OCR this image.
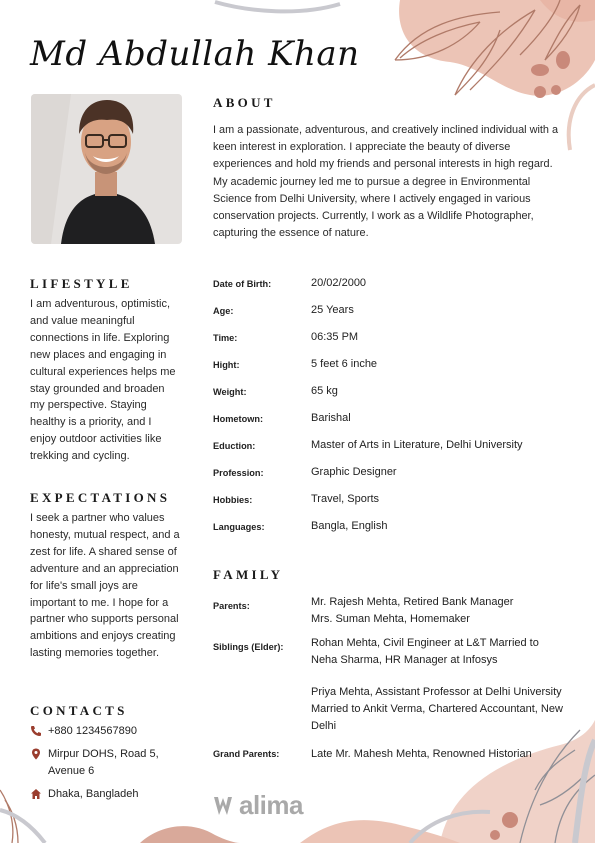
Md Abdullah Khan
ABOUT
I am a passionate, adventurous, and creatively inclined individual with a keen interest in exploration. I appreciate the beauty of diverse experiences and hold my friends and personal interests in high regard. My academic journey led me to pursue a degree in Environmental Science from Delhi University, where I actively engaged in various conservation projects. Currently, I work as a Wildlife Photographer, capturing the essence of nature.
LIFESTYLE
I am adventurous, optimistic, and value meaningful connections in life. Exploring new places and engaging in cultural experiences helps me stay grounded and broaden my perspective. Staying healthy is a priority, and I enjoy outdoor activities like trekking and cycling.
EXPECTATIONS
I seek a partner who values honesty, mutual respect, and a zest for life. A shared sense of adventure and an appreciation for life's small joys are important to me. I hope for a partner who supports personal ambitions and enjoys creating lasting memories together.
CONTACTS
+880 1234567890
Mirpur DOHS, Road 5, Avenue 6
Dhaka, Bangladeh
Date of Birth:	20/02/2000
Age:	25 Years
Time:	06:35 PM
Hight:	5 feet 6 inche
Weight:	65 kg
Hometown:	Barishal
Eduction:	Master of Arts in Literature, Delhi University
Profession:	Graphic Designer
Hobbies:	Travel, Sports
Languages:	Bangla, English
FAMILY
Parents:	Mr. Rajesh Mehta, Retired Bank Manager
Mrs. Suman Mehta, Homemaker
Siblings (Elder):	Rohan Mehta, Civil Engineer at L&T Married to Neha Sharma, HR Manager at Infosys
Priya Mehta, Assistant Professor at Delhi University Married to Ankit Verma, Chartered Accountant, New Delhi
Grand Parents:	Late Mr. Mahesh Mehta, Renowned Historian
alima
